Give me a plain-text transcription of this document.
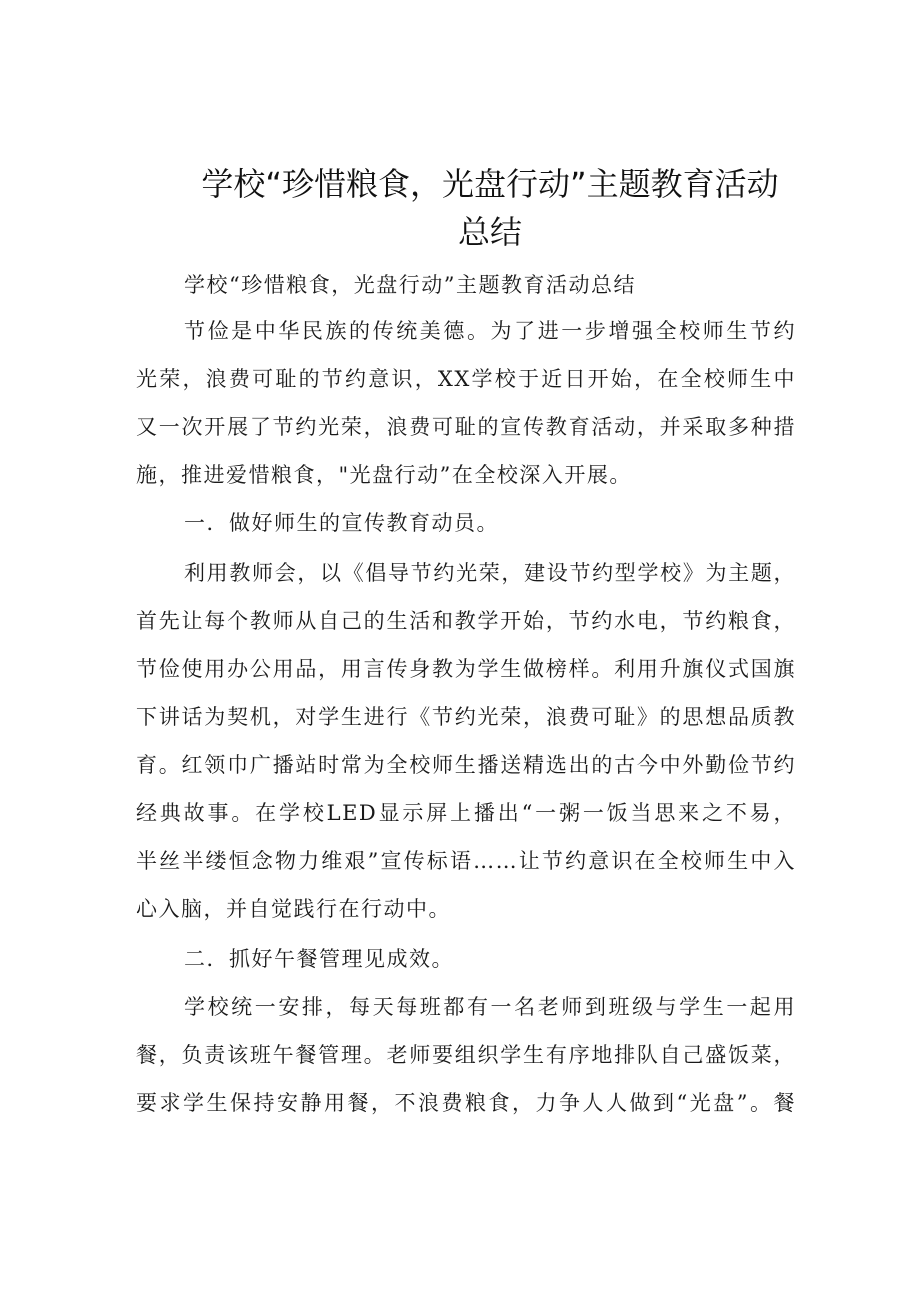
学校“珍惜粮食，光盘行动”主题教育活动
总结
学校“珍惜粮食，光盘行动”主题教育活动总结
节俭是中华民族的传统美德。为了进一步增强全校师生节约
光荣，浪费可耻的节约意识，XX学校于近日开始，在全校师生中
又一次开展了节约光荣，浪费可耻的宣传教育活动，并采取多种措
施，推进爱惜粮食，"光盘行动”在全校深入开展。
一．做好师生的宣传教育动员。
利用教师会，以《倡导节约光荣，建设节约型学校》为主题，
首先让每个教师从自己的生活和教学开始，节约水电，节约粮食，
节俭使用办公用品，用言传身教为学生做榜样。利用升旗仪式国旗
下讲话为契机，对学生进行《节约光荣，浪费可耻》的思想品质教
育。红领巾广播站时常为全校师生播送精选出的古今中外勤俭节约
经典故事。在学校LED显示屏上播出“一粥一饭当思来之不易，
半丝半缕恒念物力维艰”宣传标语……让节约意识在全校师生中入
心入脑，并自觉践行在行动中。
二．抓好午餐管理见成效。
学校统一安排，每天每班都有一名老师到班级与学生一起用
餐，负责该班午餐管理。老师要组织学生有序地排队自己盛饭菜，
要求学生保持安静用餐，不浪费粮食，力争人人做到“光盘”。餐
